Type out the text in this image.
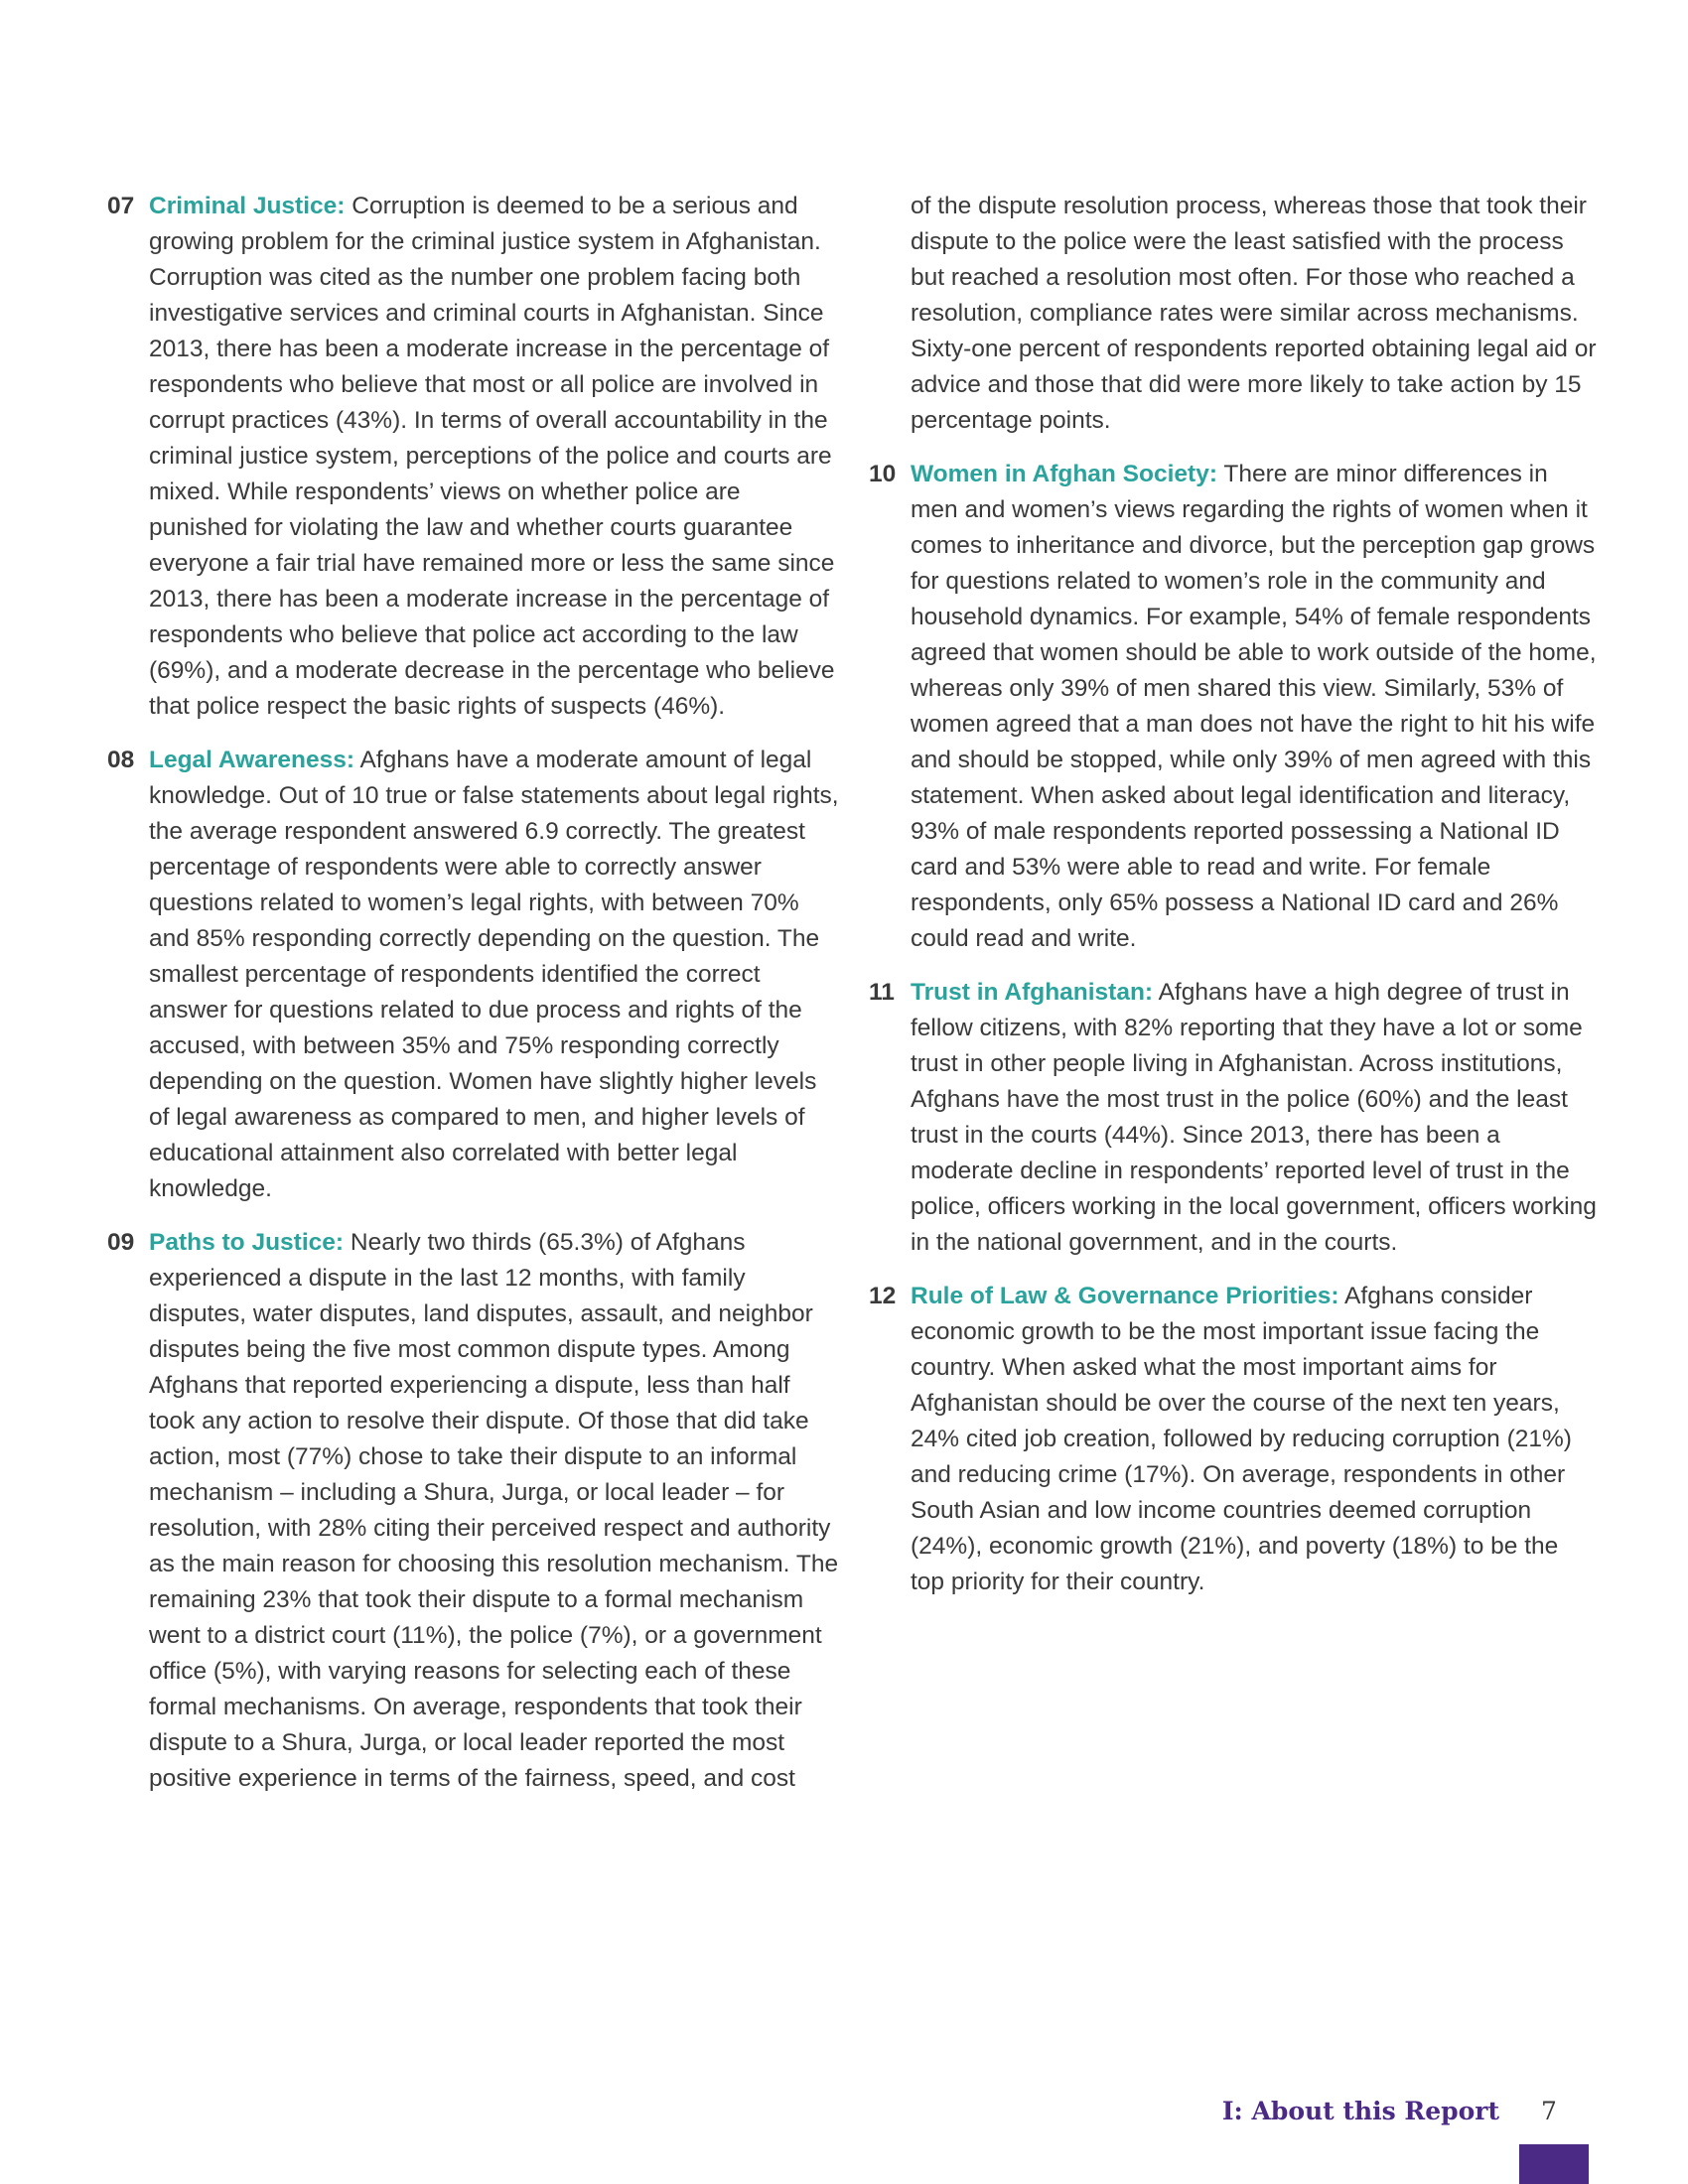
07 Criminal Justice: Corruption is deemed to be a serious and growing problem for the criminal justice system in Afghanistan. Corruption was cited as the number one problem facing both investigative services and criminal courts in Afghanistan. Since 2013, there has been a moderate increase in the percentage of respondents who believe that most or all police are involved in corrupt practices (43%). In terms of overall accountability in the criminal justice system, perceptions of the police and courts are mixed. While respondents’ views on whether police are punished for violating the law and whether courts guarantee everyone a fair trial have remained more or less the same since 2013, there has been a moderate increase in the percentage of respondents who believe that police act according to the law (69%), and a moderate decrease in the percentage who believe that police respect the basic rights of suspects (46%).

08 Legal Awareness: Afghans have a moderate amount of legal knowledge. Out of 10 true or false statements about legal rights, the average respondent answered 6.9 correctly. The greatest percentage of respondents were able to correctly answer questions related to women’s legal rights, with between 70% and 85% responding correctly depending on the question. The smallest percentage of respondents identified the correct answer for questions related to due process and rights of the accused, with between 35% and 75% responding correctly depending on the question. Women have slightly higher levels of legal awareness as compared to men, and higher levels of educational attainment also correlated with better legal knowledge.

09 Paths to Justice: Nearly two thirds (65.3%) of Afghans experienced a dispute in the last 12 months, with family disputes, water disputes, land disputes, assault, and neighbor disputes being the five most common dispute types. Among Afghans that reported experiencing a dispute, less than half took any action to resolve their dispute. Of those that did take action, most (77%) chose to take their dispute to an informal mechanism – including a Shura, Jurga, or local leader – for resolution, with 28% citing their perceived respect and authority as the main reason for choosing this resolution mechanism. The remaining 23% that took their dispute to a formal mechanism went to a district court (11%), the police (7%), or a government office (5%), with varying reasons for selecting each of these formal mechanisms. On average, respondents that took their dispute to a Shura, Jurga, or local leader reported the most positive experience in terms of the fairness, speed, and cost

of the dispute resolution process, whereas those that took their dispute to the police were the least satisfied with the process but reached a resolution most often. For those who reached a resolution, compliance rates were similar across mechanisms. Sixty-one percent of respondents reported obtaining legal aid or advice and those that did were more likely to take action by 15 percentage points.

10 Women in Afghan Society: There are minor differences in men and women’s views regarding the rights of women when it comes to inheritance and divorce, but the perception gap grows for questions related to women’s role in the community and household dynamics. For example, 54% of female respondents agreed that women should be able to work outside of the home, whereas only 39% of men shared this view. Similarly, 53% of women agreed that a man does not have the right to hit his wife and should be stopped, while only 39% of men agreed with this statement. When asked about legal identification and literacy, 93% of male respondents reported possessing a National ID card and 53% were able to read and write. For female respondents, only 65% possess a National ID card and 26% could read and write.

11 Trust in Afghanistan: Afghans have a high degree of trust in fellow citizens, with 82% reporting that they have a lot or some trust in other people living in Afghanistan. Across institutions, Afghans have the most trust in the police (60%) and the least trust in the courts (44%). Since 2013, there has been a moderate decline in respondents’ reported level of trust in the police, officers working in the local government, officers working in the national government, and in the courts.

12 Rule of Law & Governance Priorities: Afghans consider economic growth to be the most important issue facing the country. When asked what the most important aims for Afghanistan should be over the course of the next ten years, 24% cited job creation, followed by reducing corruption (21%) and reducing crime (17%). On average, respondents in other South Asian and low income countries deemed corruption (24%), economic growth (21%), and poverty (18%) to be the top priority for their country.

I: About this Report	7
